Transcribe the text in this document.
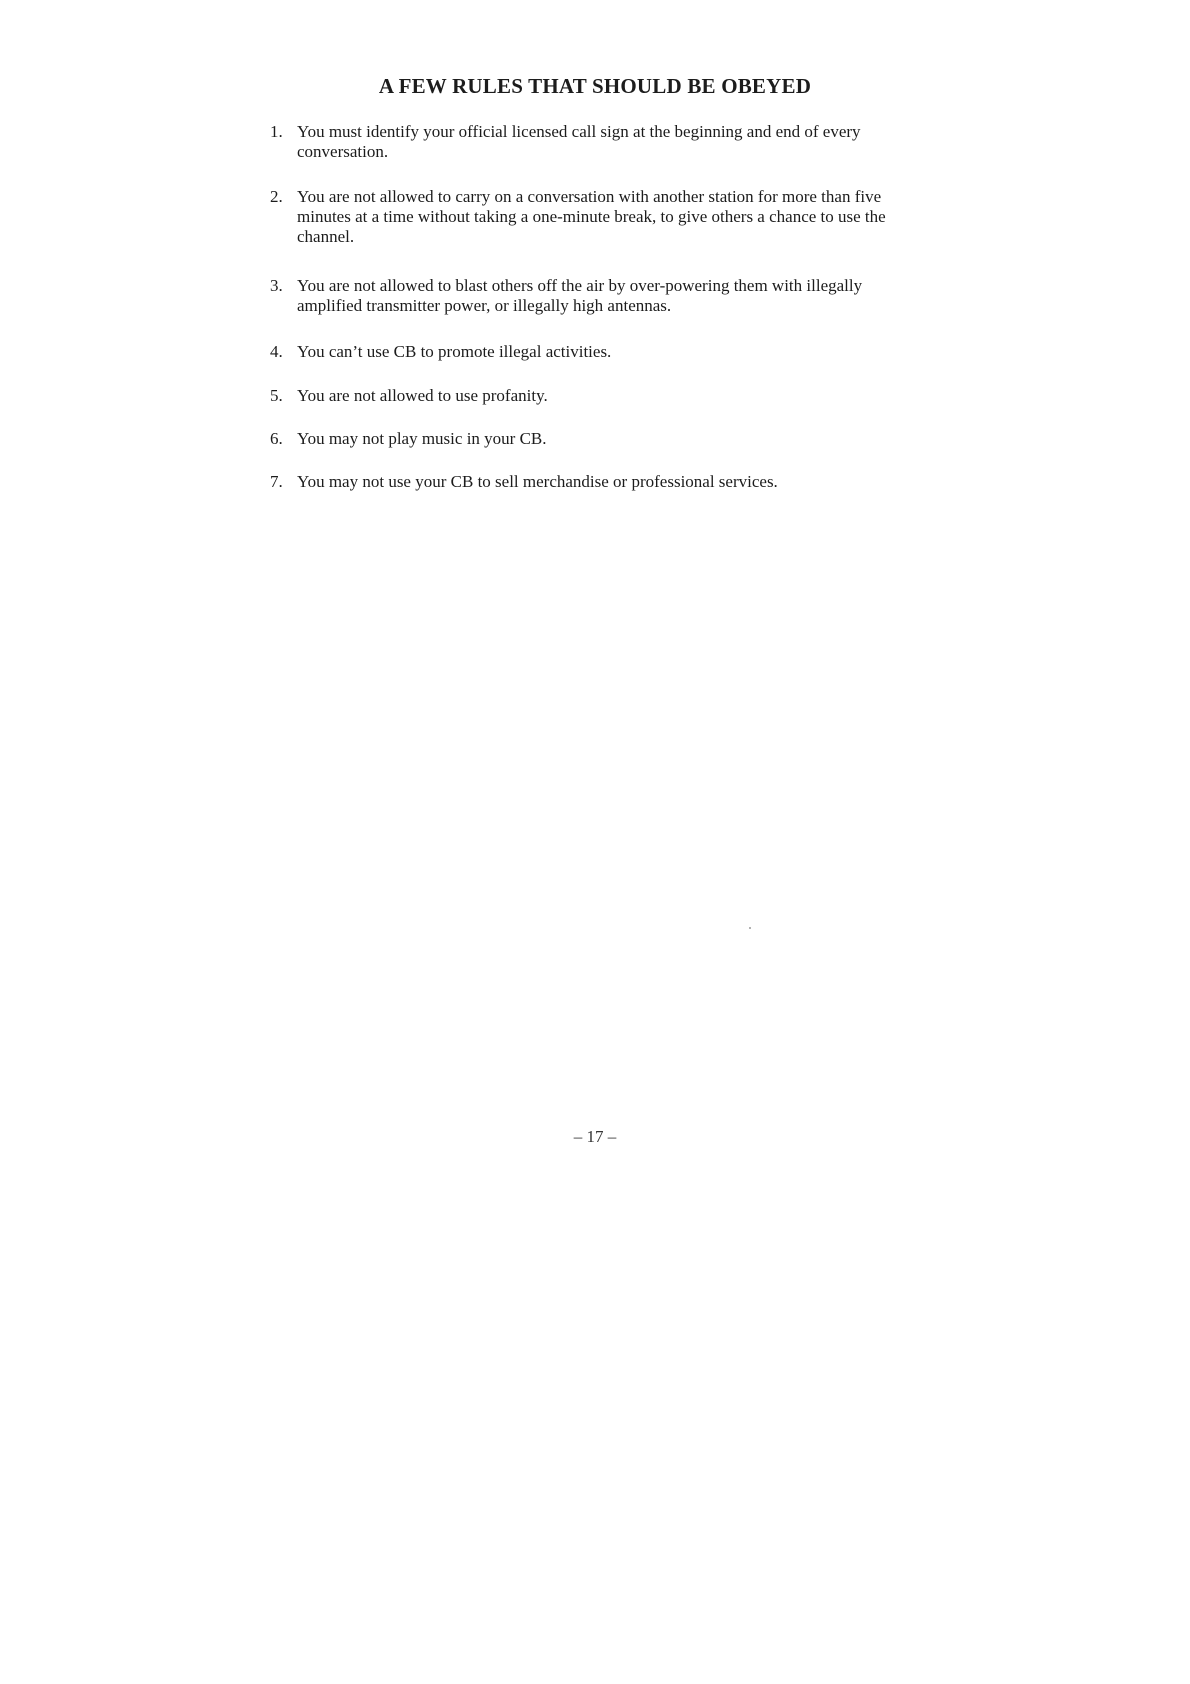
A FEW RULES THAT SHOULD BE OBEYED
1. You must identify your official licensed call sign at the beginning and end of every conversation.
2. You are not allowed to carry on a conversation with another station for more than five minutes at a time without taking a one-minute break, to give others a chance to use the channel.
3. You are not allowed to blast others off the air by over-powering them with illegally amplified transmitter power, or illegally high antennas.
4. You can’t use CB to promote illegal activities.
5. You are not allowed to use profanity.
6. You may not play music in your CB.
7. You may not use your CB to sell merchandise or professional services.

– 17 –
